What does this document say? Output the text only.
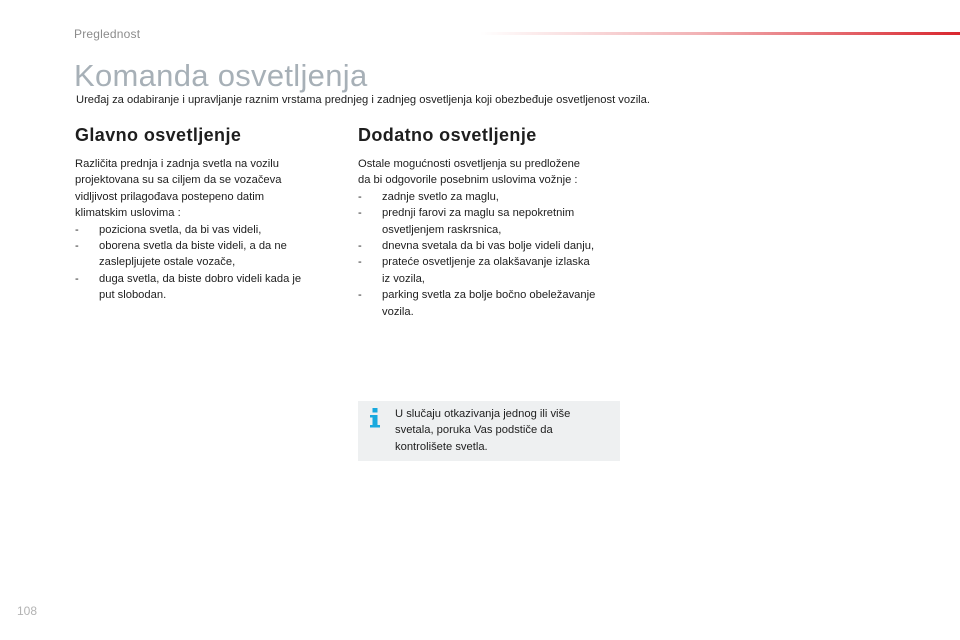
Preglednost
Komanda osvetljenja
Uređaj za odabiranje i upravljanje raznim vrstama prednjeg i zadnjeg osvetljenja koji obezbeđuje osvetljenost vozila.
Glavno osvetljenje
Različita prednja i zadnja svetla na vozilu
projektovana su sa ciljem da se vozačeva
vidljivost prilagođava postepeno datim
klimatskim uslovima :
- poziciona svetla, da bi vas videli,
- oborena svetla da biste videli, a da ne
zaslepljujete ostale vozače,
- duga svetla, da biste dobro videli kada je
put slobodan.
Dodatno osvetljenje
Ostale mogućnosti osvetljenja su predložene
da bi odgovorile posebnim uslovima vožnje :
- zadnje svetlo za maglu,
- prednji farovi za maglu sa nepokretnim
osvetljenjem raskrsnica,
- dnevna svetala da bi vas bolje videli danju,
- prateće osvetljenje za olakšavanje izlaska
iz vozila,
- parking svetla za bolje bočno obeležavanje
vozila.
U slučaju otkazivanja jednog ili više
svetala, poruka Vas podstiče da
kontrolišete svetla.
108
